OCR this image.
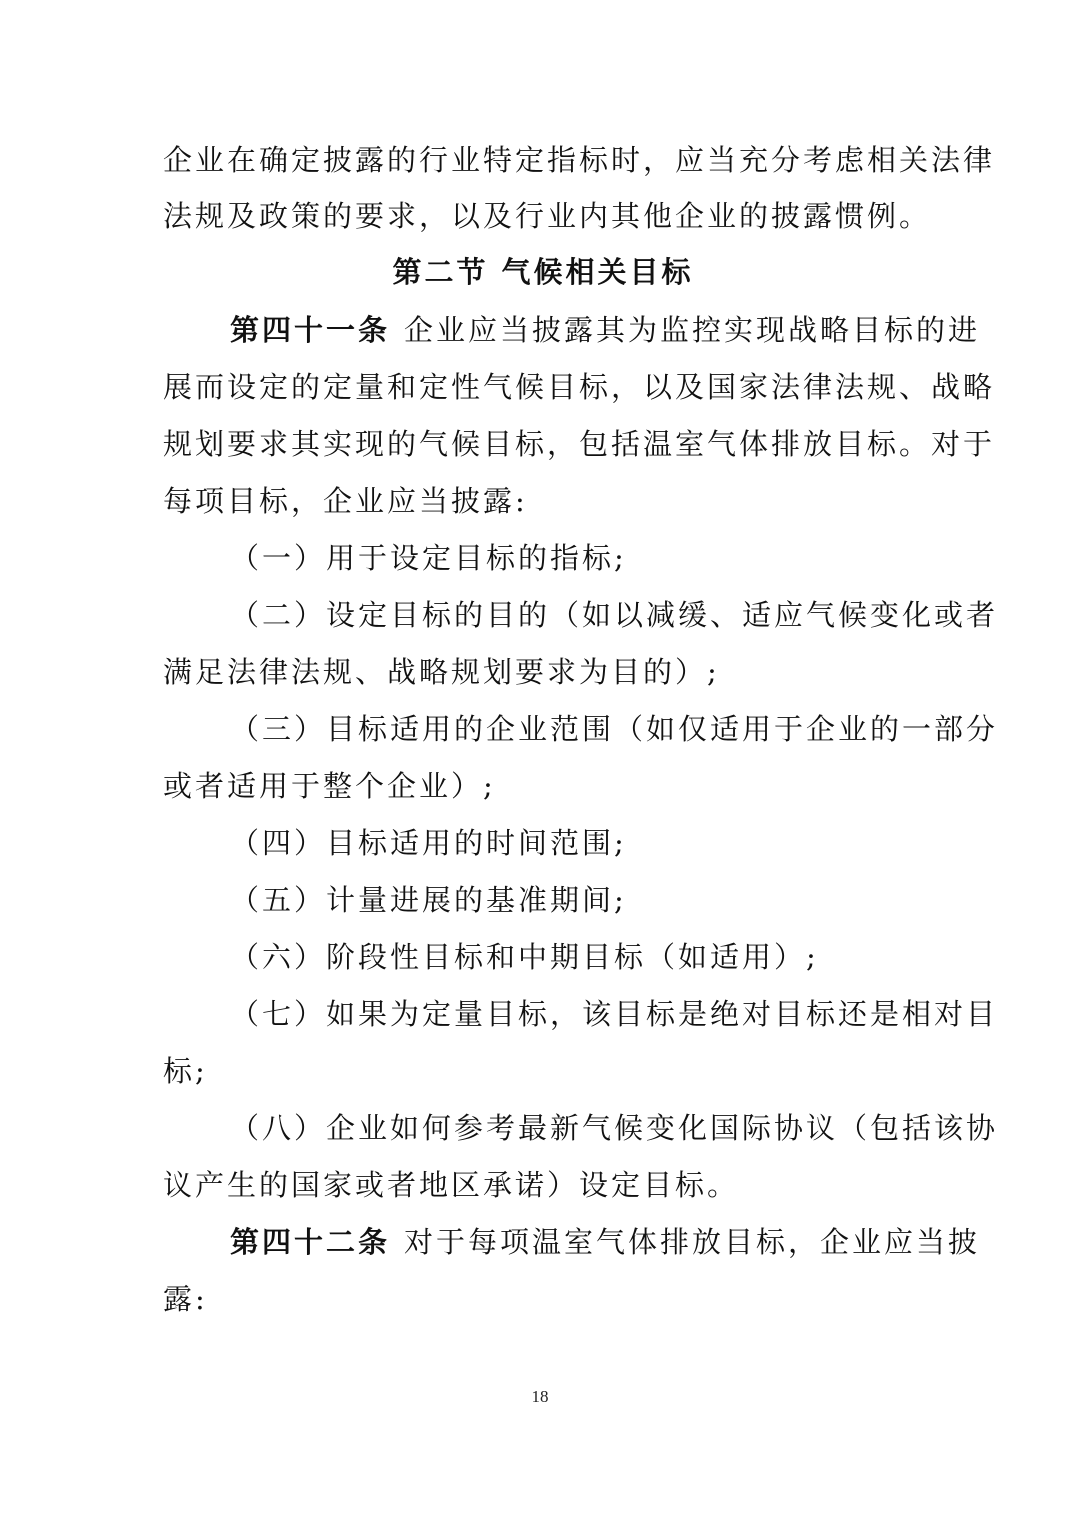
企业在确定披露的行业特定指标时，应当充分考虑相关法律
法规及政策的要求，以及行业内其他企业的披露惯例。
第二节 气候相关目标
第四十一条 企业应当披露其为监控实现战略目标的进
展而设定的定量和定性气候目标，以及国家法律法规、战略
规划要求其实现的气候目标，包括温室气体排放目标。对于
每项目标，企业应当披露:
（一）用于设定目标的指标;
（二）设定目标的目的（如以减缓、适应气候变化或者
满足法律法规、战略规划要求为目的）;
（三）目标适用的企业范围（如仅适用于企业的一部分
或者适用于整个企业）;
（四）目标适用的时间范围;
（五）计量进展的基准期间;
（六）阶段性目标和中期目标（如适用）;
（七）如果为定量目标，该目标是绝对目标还是相对目
标;
（八）企业如何参考最新气候变化国际协议（包括该协
议产生的国家或者地区承诺）设定目标。
第四十二条 对于每项温室气体排放目标，企业应当披
露:
18
